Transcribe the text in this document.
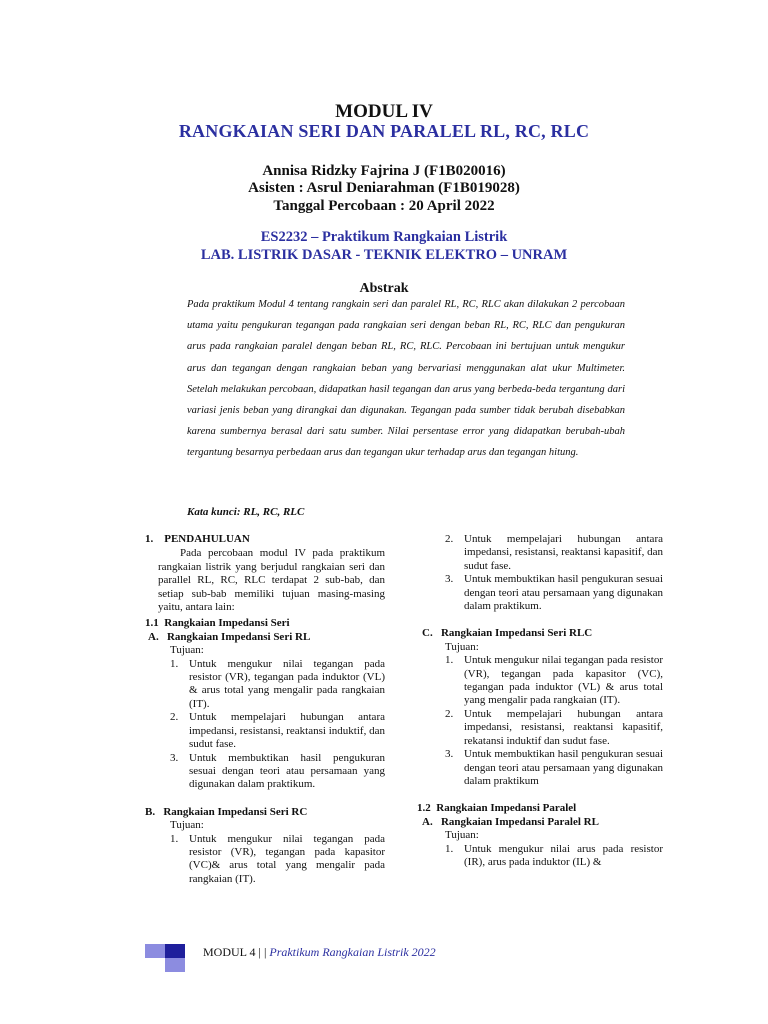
MODUL IV
RANGKAIAN SERI DAN PARALEL RL, RC, RLC
Annisa Ridzky Fajrina J (F1B020016)
Asisten : Asrul Deniarahman (F1B019028)
Tanggal Percobaan : 20 April 2022
ES2232 – Praktikum Rangkaian Listrik
LAB. LISTRIK DASAR - TEKNIK ELEKTRO – UNRAM
Abstrak
Pada praktikum Modul 4 tentang rangkain seri dan paralel RL, RC, RLC akan dilakukan 2 percobaan utama yaitu pengukuran tegangan pada rangkaian seri dengan beban RL, RC, RLC dan pengukuran arus pada rangkaian paralel dengan beban RL, RC, RLC. Percobaan ini bertujuan untuk mengukur arus dan tegangan dengan rangkaian beban yang bervariasi menggunakan alat ukur Multimeter. Setelah melakukan percobaan, didapatkan hasil tegangan dan arus yang berbeda-beda tergantung dari variasi jenis beban yang dirangkai dan digunakan. Tegangan pada sumber tidak berubah disebabkan karena sumbernya berasal dari satu sumber. Nilai persentase error yang didapatkan berubah-ubah tergantung besarnya perbedaan arus dan tegangan ukur terhadap arus dan tegangan hitung.
Kata kunci: RL, RC, RLC
1.    PENDAHULUAN
Pada percobaan modul IV pada praktikum rangkaian listrik yang berjudul rangkaian seri dan parallel RL, RC, RLC terdapat 2 sub-bab, dan setiap sub-bab memiliki tujuan masing-masing yaitu, antara lain:
1.1  Rangkaian Impedansi Seri
A.   Rangkaian Impedansi Seri RL
Tujuan:
1. Untuk mengukur nilai tegangan pada resistor (VR), tegangan pada induktor (VL) & arus total yang mengalir pada rangkaian (IT).
2. Untuk mempelajari hubungan antara impedansi, resistansi, reaktansi induktif, dan sudut fase.
3. Untuk membuktikan hasil pengukuran sesuai dengan teori atau persamaan yang digunakan dalam praktikum.
B.   Rangkaian Impedansi Seri RC
Tujuan:
1. Untuk mengukur nilai tegangan pada resistor (VR), tegangan pada kapasitor (VC)& arus total yang mengalir pada rangkaian (IT).
2. Untuk mempelajari hubungan antara impedansi, resistansi, reaktansi kapasitif, dan sudut fase.
3. Untuk membuktikan hasil pengukuran sesuai dengan teori atau persamaan yang digunakan dalam praktikum.
C.   Rangkaian Impedansi Seri RLC
Tujuan:
1. Untuk mengukur nilai tegangan pada resistor (VR), tegangan pada kapasitor (VC), tegangan pada induktor (VL) & arus total yang mengalir pada rangkaian (IT).
2. Untuk mempelajari hubungan antara impedansi, resistansi, reaktansi kapasitif, rekatansi induktif dan sudut fase.
3. Untuk membuktikan hasil pengukuran sesuai dengan teori atau persamaan yang digunakan dalam praktikum
1.2  Rangkaian Impedansi Paralel
A.   Rangkaian Impedansi Paralel RL
Tujuan:
1. Untuk mengukur nilai arus pada resistor (IR), arus pada induktor (IL) &
MODUL 4 | | Praktikum Rangkaian Listrik 2022
